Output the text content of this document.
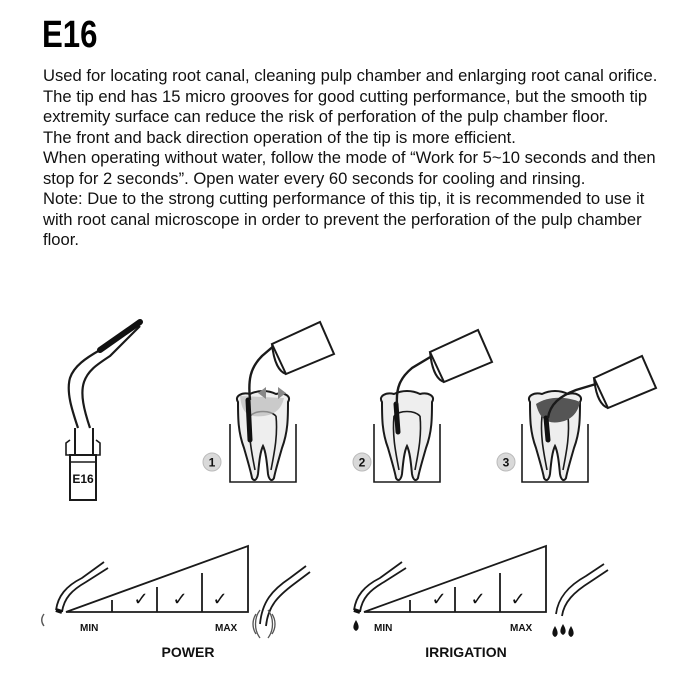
E16

Used for locating root canal, cleaning pulp chamber and enlarging root canal orifice. The tip end has 15 micro grooves for good cutting performance, but the smooth tip extremity surface can reduce the risk of perforation of the pulp chamber floor.

The front and back direction operation of the tip is more efficient.

When operating without water, follow the mode of “Work for 5~10 seconds and then stop for 2 seconds”. Open water every 60 seconds for cooling and rinsing.

Note: Due to the strong cutting performance of this tip, it is recommended to use it with root canal microscope in order to prevent the perforation of the pulp chamber floor.

E16
1	2	3
✓ ✓ ✓
MIN	MAX
POWER
✓ ✓ ✓
MIN	MAX
IRRIGATION
